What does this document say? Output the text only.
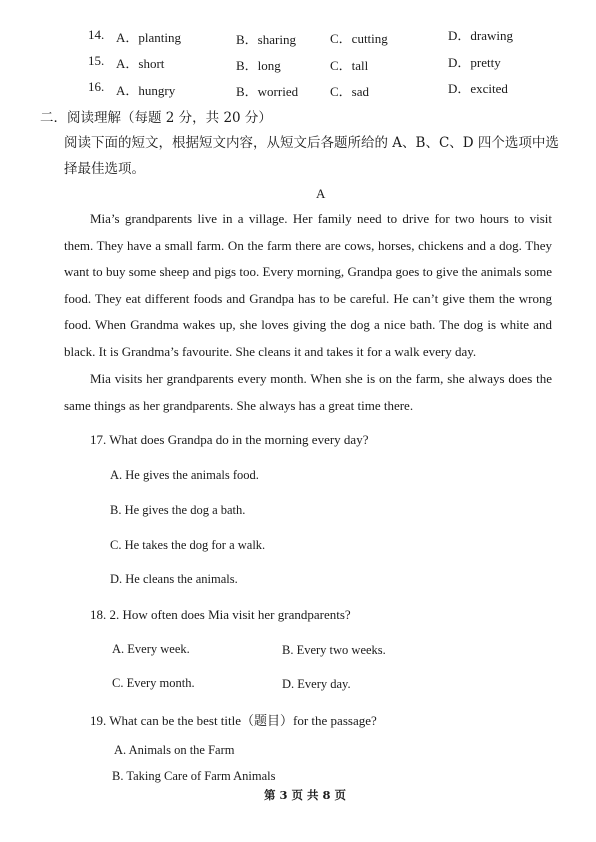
14. A．planting	B．sharing	C．cutting	D．drawing
15. A．short	B．long	C．tall	D．pretty
16. A．hungry	B．worried C．sad	D．excited
二．阅读理解（每题 2 分，共 20 分）
阅读下面的短文，根据短文内容，从短文后各题所给的 A、B、C、D 四个选项中选
择最佳选项。
A
Mia’s grandparents live in a village. Her family need to drive for two hours to visit them. They have a small farm. On the farm there are cows, horses, chickens and a dog. They want to buy some sheep and pigs too. Every morning, Grandpa goes to give the animals some food. They eat different foods and Grandpa has to be careful. He can’t give them the wrong food. When Grandma wakes up, she loves giving the dog a nice bath. The dog is white and black. It is Grandma’s favourite. She cleans it and takes it for a walk every day.
Mia visits her grandparents every month. When she is on the farm, she always does the same things as her grandparents. She always has a great time there.
17. What does Grandpa do in the morning every day?
A. He gives the animals food.
B. He gives the dog a bath.
C. He takes the dog for a walk.
D. He cleans the animals.
18. 2. How often does Mia visit her grandparents?
A. Every week.	B. Every two weeks.
C. Every month.	D. Every day.
19. What can be the best title（题目）for the passage?
A. Animals on the Farm
B. Taking Care of Farm Animals
第 3 页 共 8 页
